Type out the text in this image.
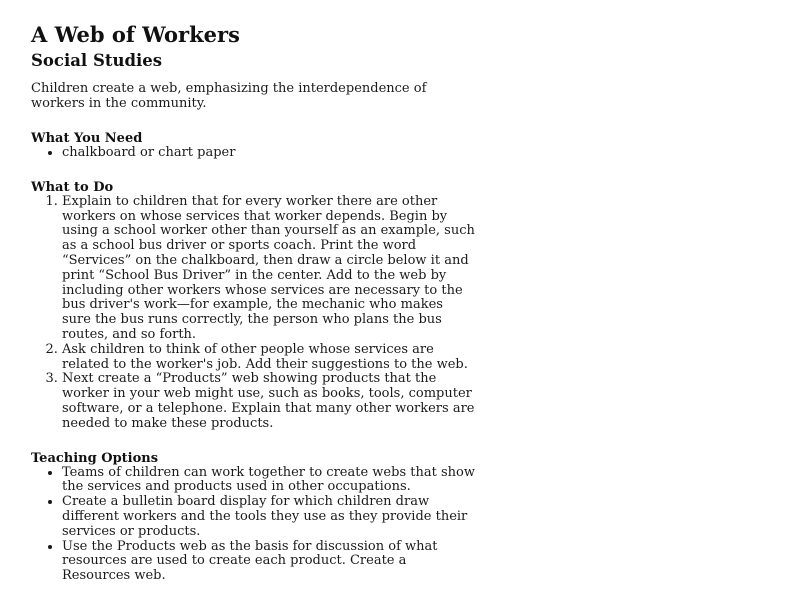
A Web of Workers
Social Studies

Children create a web, emphasizing the interdependence of workers in the community.

What You Need
• chalkboard or chart paper
What to Do
1. Explain to children that for every worker there are other workers on whose services that worker depends. Begin by using a school worker other than yourself as an example, such as a school bus driver or sports coach. Print the word “Services” on the chalkboard, then draw a circle below it and print “School Bus Driver” in the center. Add to the web by including other workers whose services are necessary to the bus driver's work—for example, the mechanic who makes sure the bus runs correctly, the person who plans the bus routes, and so forth.
2. Ask children to think of other people whose services are related to the worker's job. Add their suggestions to the web.
3. Next create a “Products” web showing products that the worker in your web might use, such as books, tools, computer software, or a telephone. Explain that many other workers are needed to make these products.
Teaching Options
• Teams of children can work together to create webs that show the services and products used in other occupations.
• Create a bulletin board display for which children draw different workers and the tools they use as they provide their services or products.
• Use the Products web as the basis for discussion of what resources are used to create each product. Create a Resources web.
